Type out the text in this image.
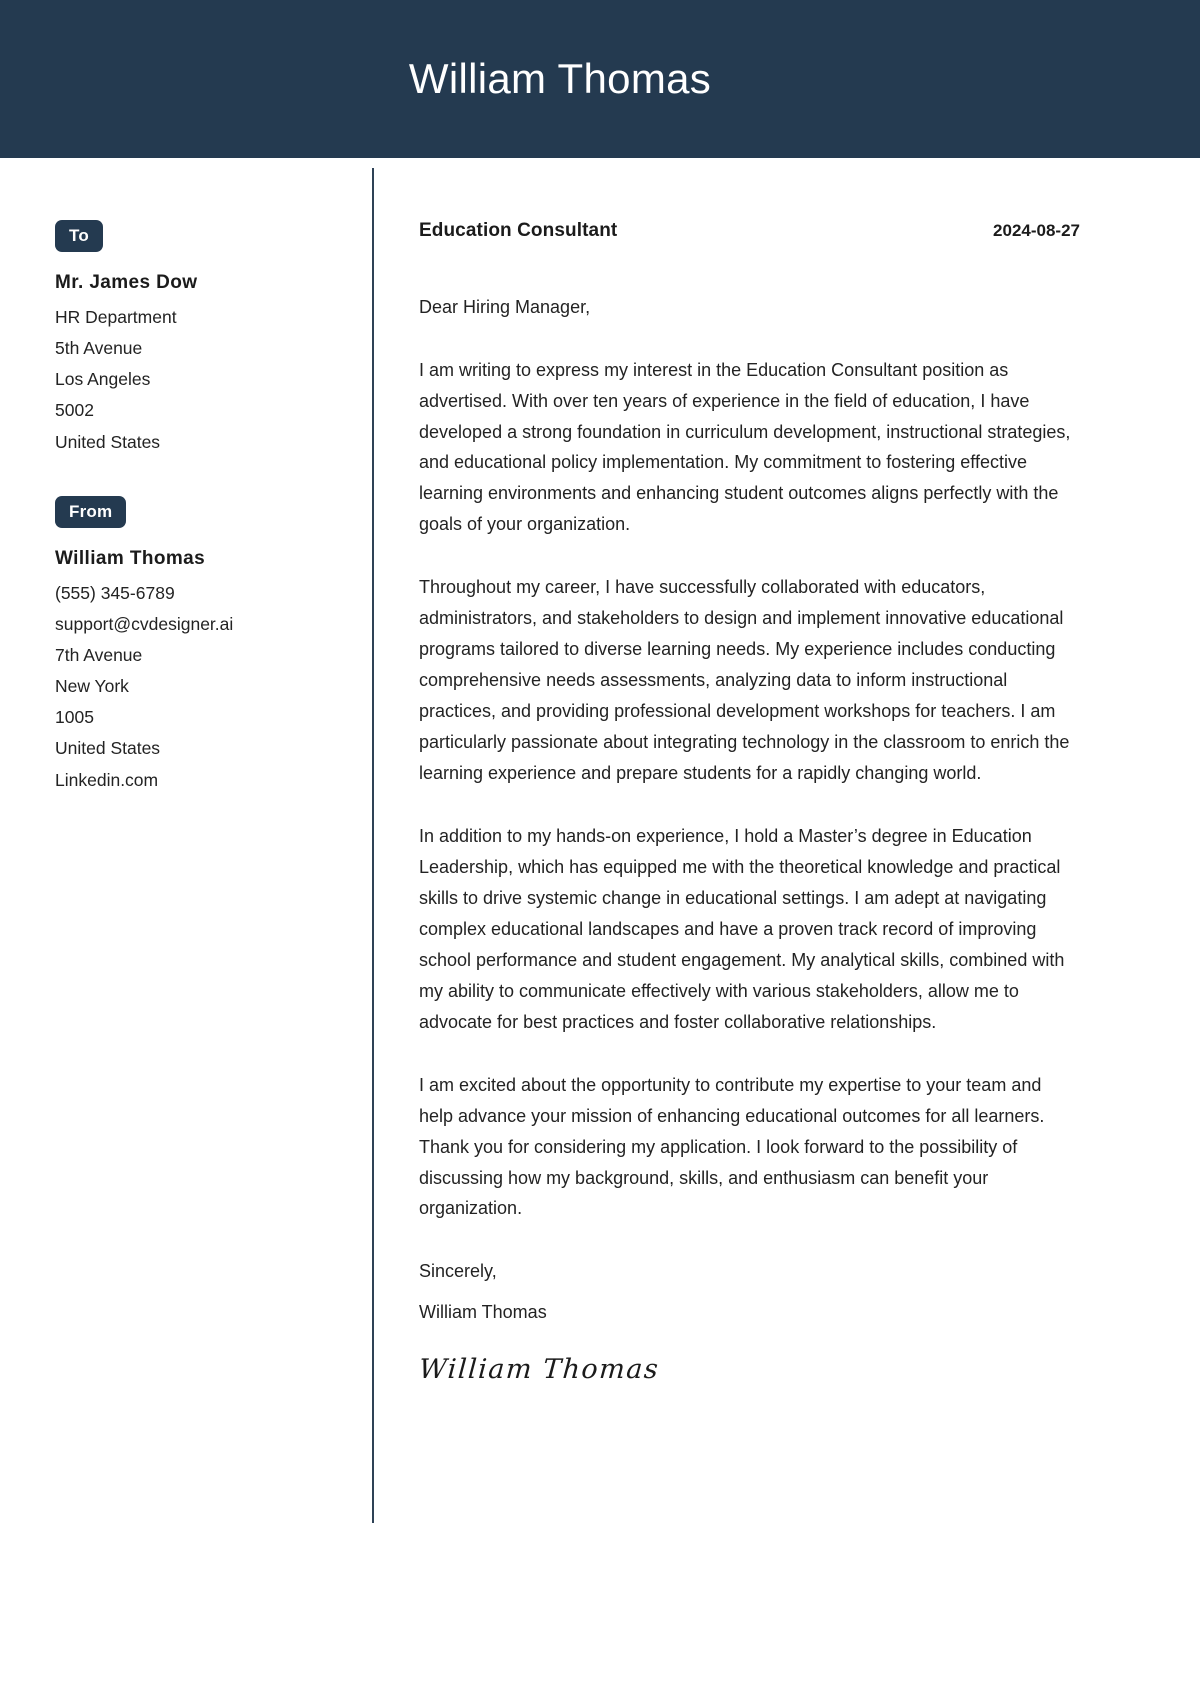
William Thomas
To
Mr. James Dow
HR Department
5th Avenue
Los Angeles
5002
United States
From
William Thomas
(555) 345-6789
support@cvdesigner.ai
7th Avenue
New York
1005
United States
Linkedin.com
Education Consultant	2024-08-27
Dear Hiring Manager,

I am writing to express my interest in the Education Consultant position as advertised. With over ten years of experience in the field of education, I have developed a strong foundation in curriculum development, instructional strategies, and educational policy implementation. My commitment to fostering effective learning environments and enhancing student outcomes aligns perfectly with the goals of your organization.

Throughout my career, I have successfully collaborated with educators, administrators, and stakeholders to design and implement innovative educational programs tailored to diverse learning needs. My experience includes conducting comprehensive needs assessments, analyzing data to inform instructional practices, and providing professional development workshops for teachers. I am particularly passionate about integrating technology in the classroom to enrich the learning experience and prepare students for a rapidly changing world.

In addition to my hands-on experience, I hold a Master’s degree in Education Leadership, which has equipped me with the theoretical knowledge and practical skills to drive systemic change in educational settings. I am adept at navigating complex educational landscapes and have a proven track record of improving school performance and student engagement. My analytical skills, combined with my ability to communicate effectively with various stakeholders, allow me to advocate for best practices and foster collaborative relationships.

I am excited about the opportunity to contribute my expertise to your team and help advance your mission of enhancing educational outcomes for all learners. Thank you for considering my application. I look forward to the possibility of discussing how my background, skills, and enthusiasm can benefit your organization.

Sincerely,
William Thomas
William Thomas
